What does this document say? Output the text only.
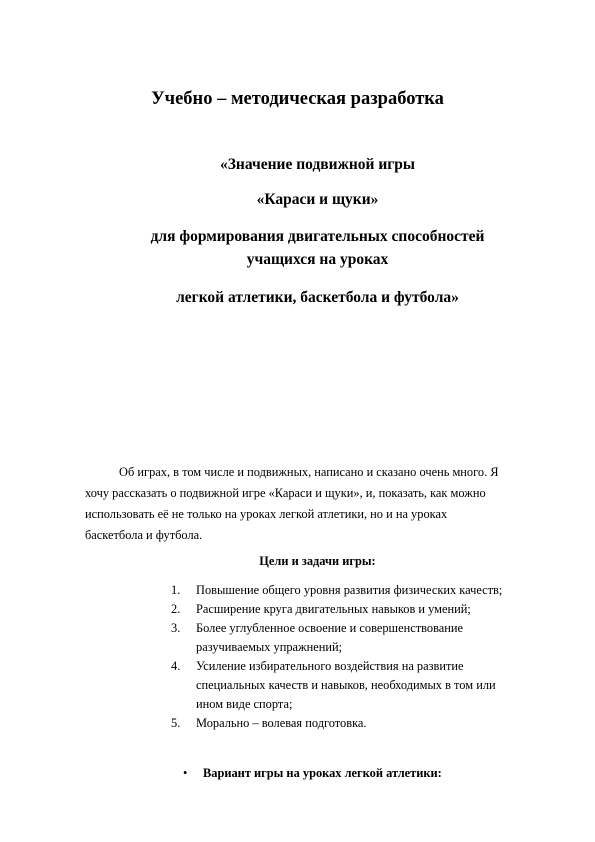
Учебно – методическая разработка

«Значение подвижной игры

«Караси и щуки»

для формирования двигательных способностей

учащихся на уроках

легкой атлетики, баскетбола и футбола»

Об играх, в том числе и подвижных, написано и сказано очень много. Я
хочу рассказать о подвижной игре «Караси и щуки», и, показать, как можно
использовать её не только на уроках легкой атлетики, но и на уроках
баскетбола и футбола.

Цели и задачи игры:

1. Повышение общего уровня развития физических качеств;
2. Расширение круга двигательных навыков и умений;
3. Более углубленное освоение и совершенствование
разучиваемых упражнений;
4. Усиление избирательного воздействия на развитие
специальных качеств и навыков, необходимых в том или
ином виде спорта;
5. Морально – волевая подготовка.
• Вариант игры на уроках легкой атлетики:
